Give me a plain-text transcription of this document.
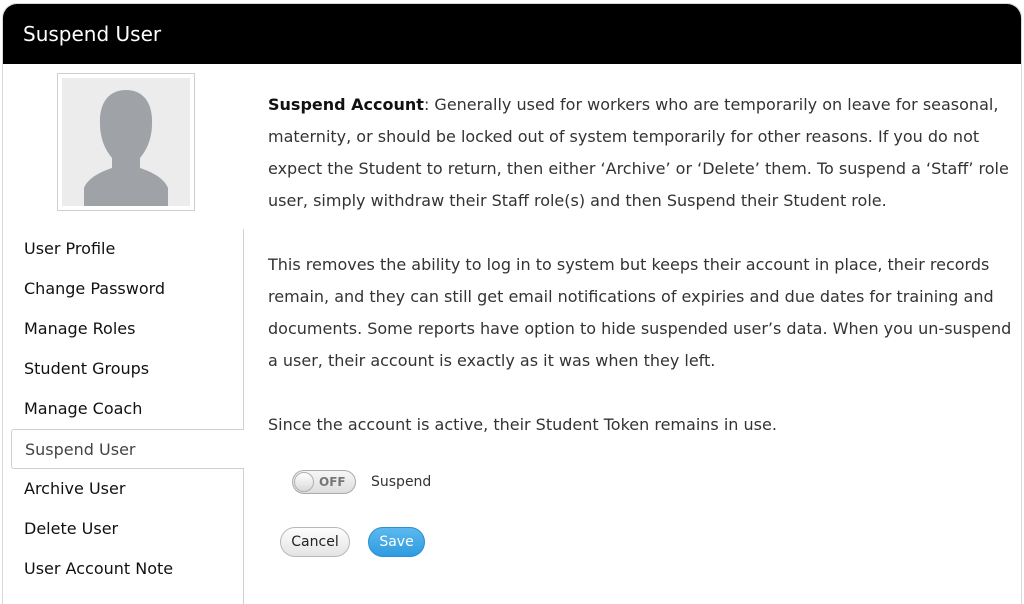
Suspend User
User Profile
Change Password
Manage Roles
Student Groups
Manage Coach
Suspend User
Archive User
Delete User
User Account Note

Suspend Account: Generally used for workers who are temporarily on leave for seasonal, maternity, or should be locked out of system temporarily for other reasons. If you do not expect the Student to return, then either ‘Archive’ or ‘Delete’ them. To suspend a ‘Staff’ role user, simply withdraw their Staff role(s) and then Suspend their Student role.

This removes the ability to log in to system but keeps their account in place, their records remain, and they can still get email notifications of expiries and due dates for training and documents. Some reports have option to hide suspended user’s data. When you un-suspend a user, their account is exactly as it was when they left.

Since the account is active, their Student Token remains in use.

OFF Suspend
Cancel	Save
